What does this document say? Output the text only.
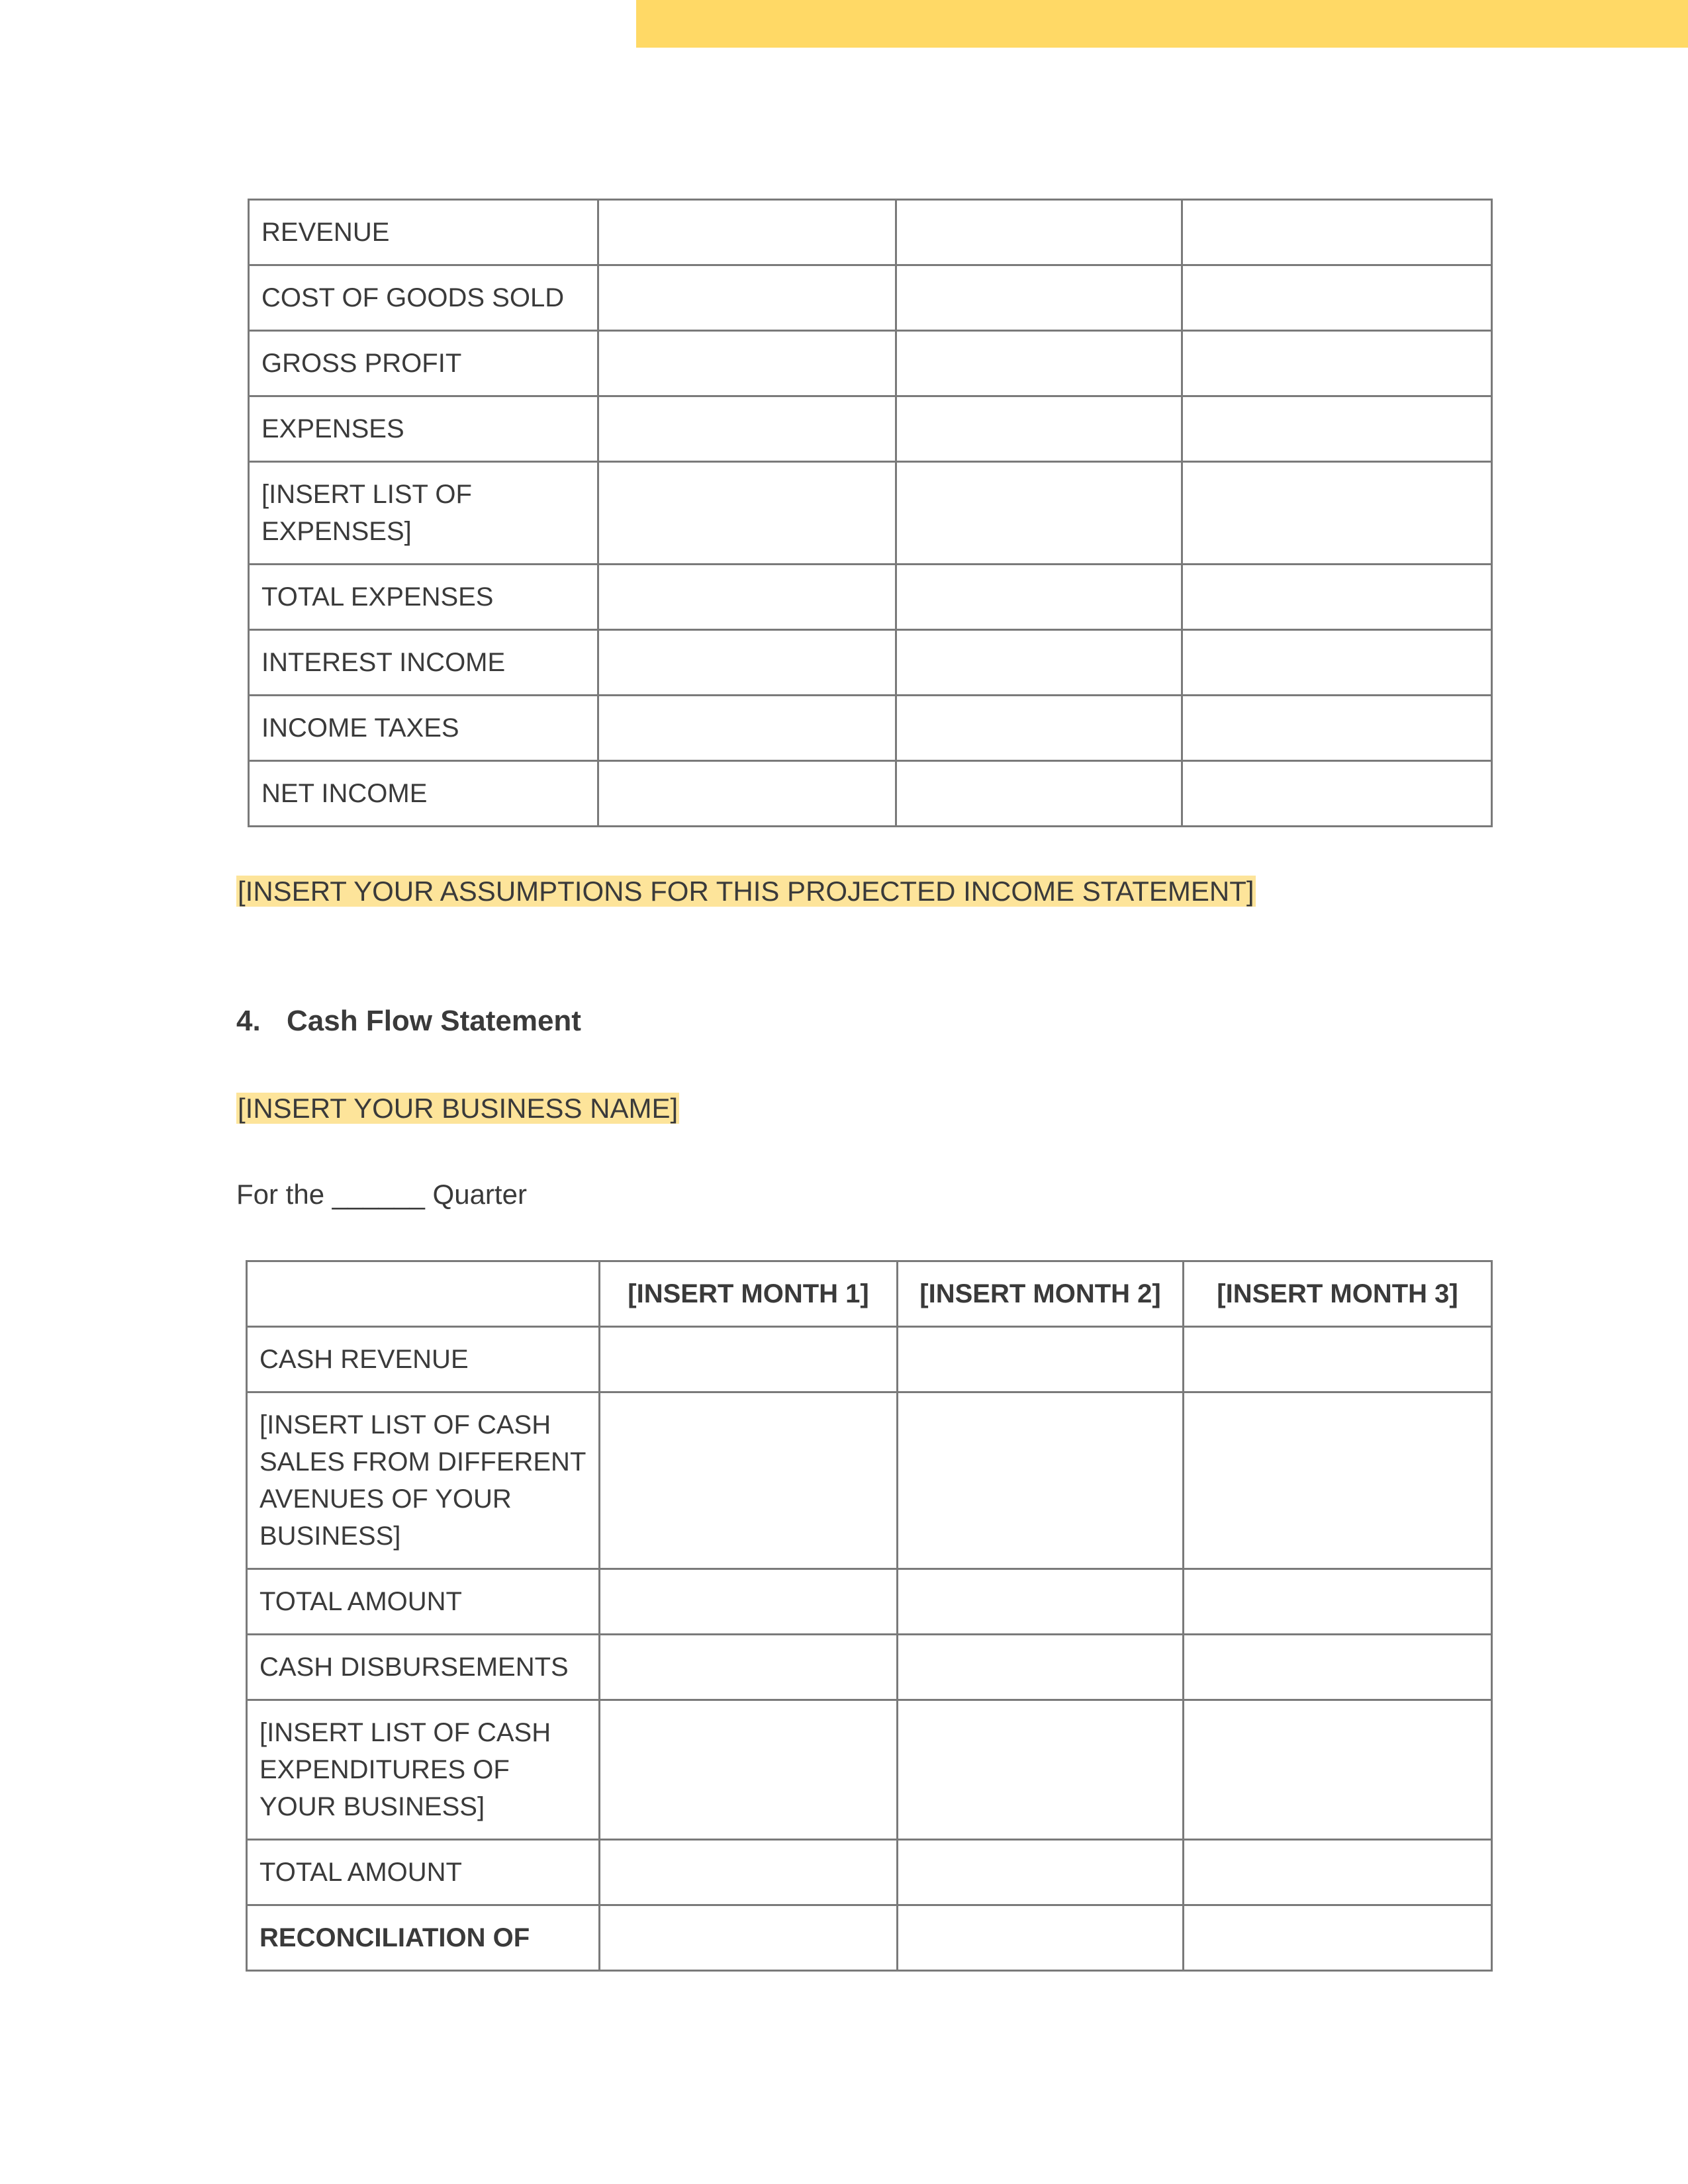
REVENUE			
COST OF GOODS SOLD			
GROSS PROFIT			
EXPENSES			
[INSERT LIST OF EXPENSES]			
TOTAL EXPENSES			
INTEREST INCOME			
INCOME TAXES			
NET INCOME			
[INSERT YOUR ASSUMPTIONS FOR THIS PROJECTED INCOME STATEMENT]
4. Cash Flow Statement
[INSERT YOUR BUSINESS NAME]
For the ______ Quarter
	[INSERT MONTH 1]	[INSERT MONTH 2]	[INSERT MONTH 3]
CASH REVENUE			
[INSERT LIST OF CASH SALES FROM DIFFERENT AVENUES OF YOUR BUSINESS]			
TOTAL AMOUNT			
CASH DISBURSEMENTS			
[INSERT LIST OF CASH EXPENDITURES OF YOUR BUSINESS]			
TOTAL AMOUNT			
RECONCILIATION OF			
